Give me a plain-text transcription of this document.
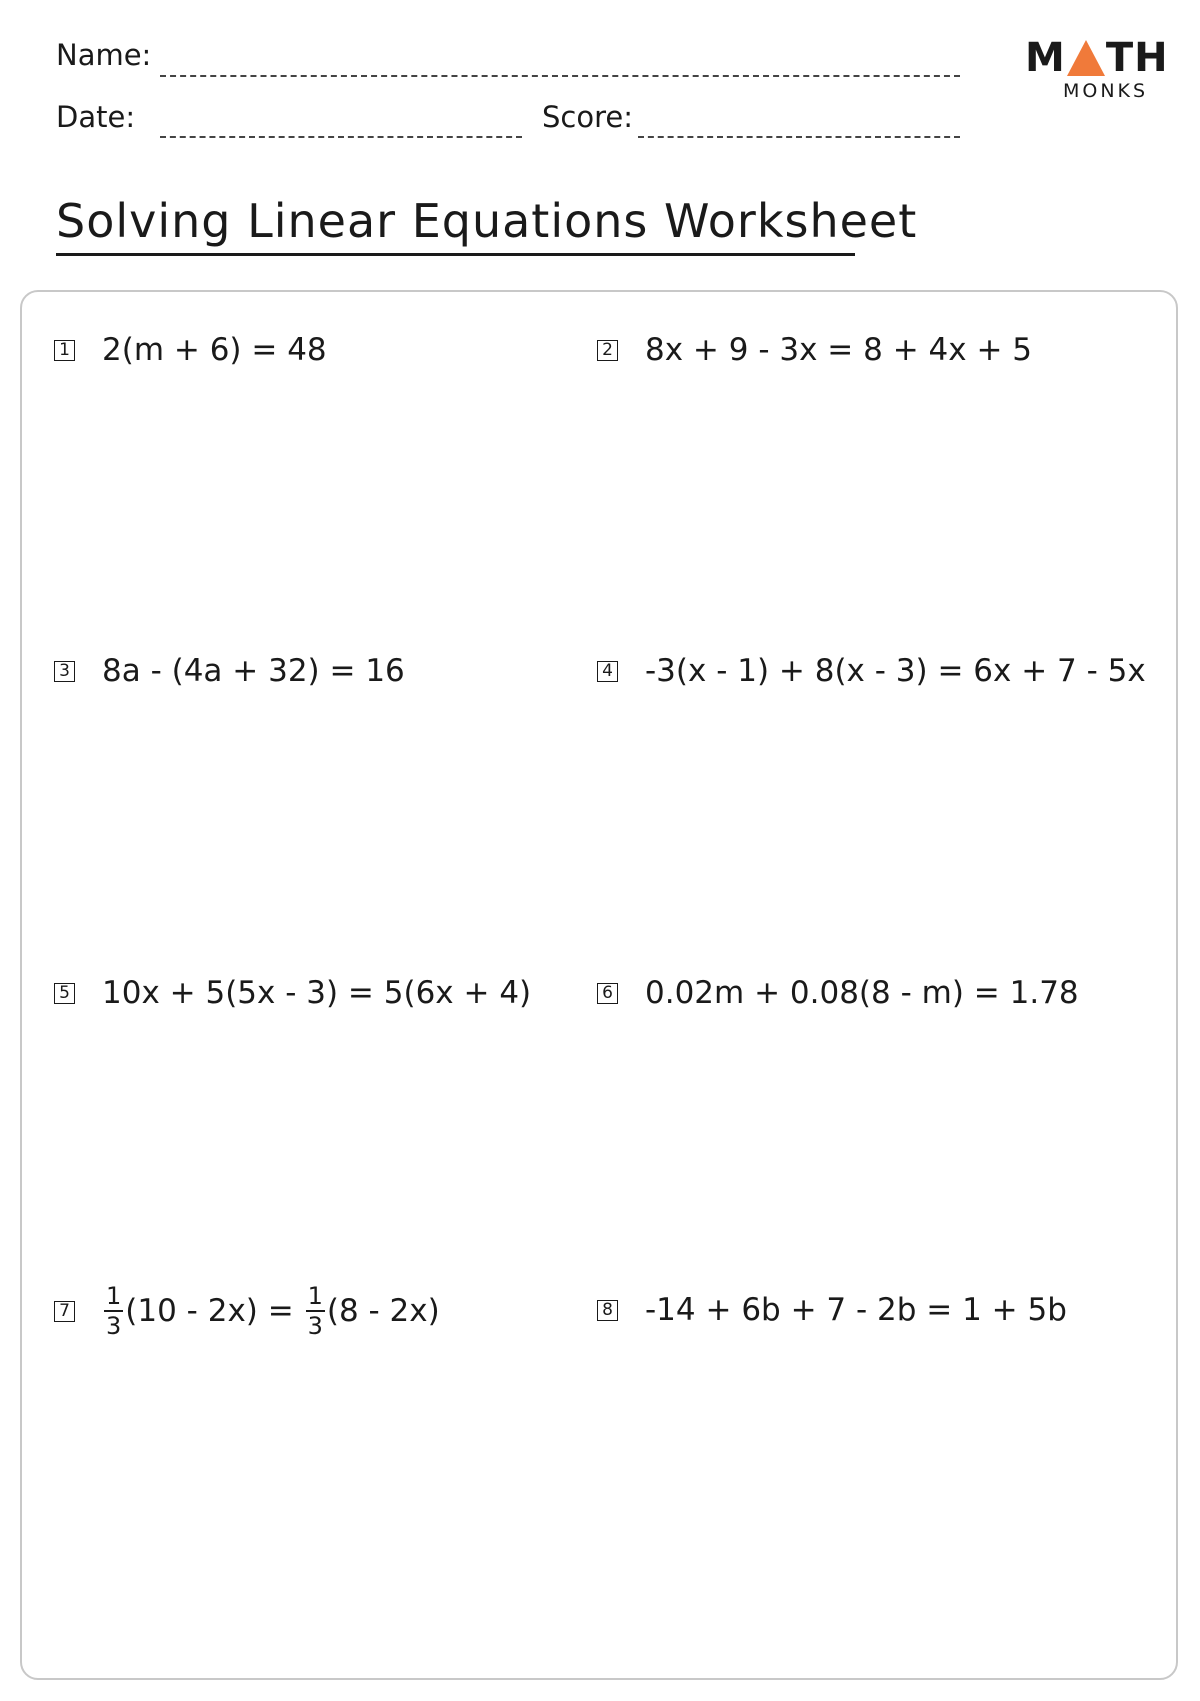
Name:
Date:	Score:
M TH
MONKS
Solving Linear Equations Worksheet
1 2(m + 6) = 48	2 8x + 9 - 3x = 8 + 4x + 5
3 8a - (4a + 32) = 16	4 -3(x - 1) + 8(x - 3) = 6x + 7 - 5x
5 10x + 5(5x - 3) = 5(6x + 4)	6 0.02m + 0.08(8 - m) = 1.78
$7 \frac{1}{3} (10 - 2x) = \frac{1}{3} (8 - 2x)$	8 -14 + 6b + 7 - 2b = 1 + 5b
